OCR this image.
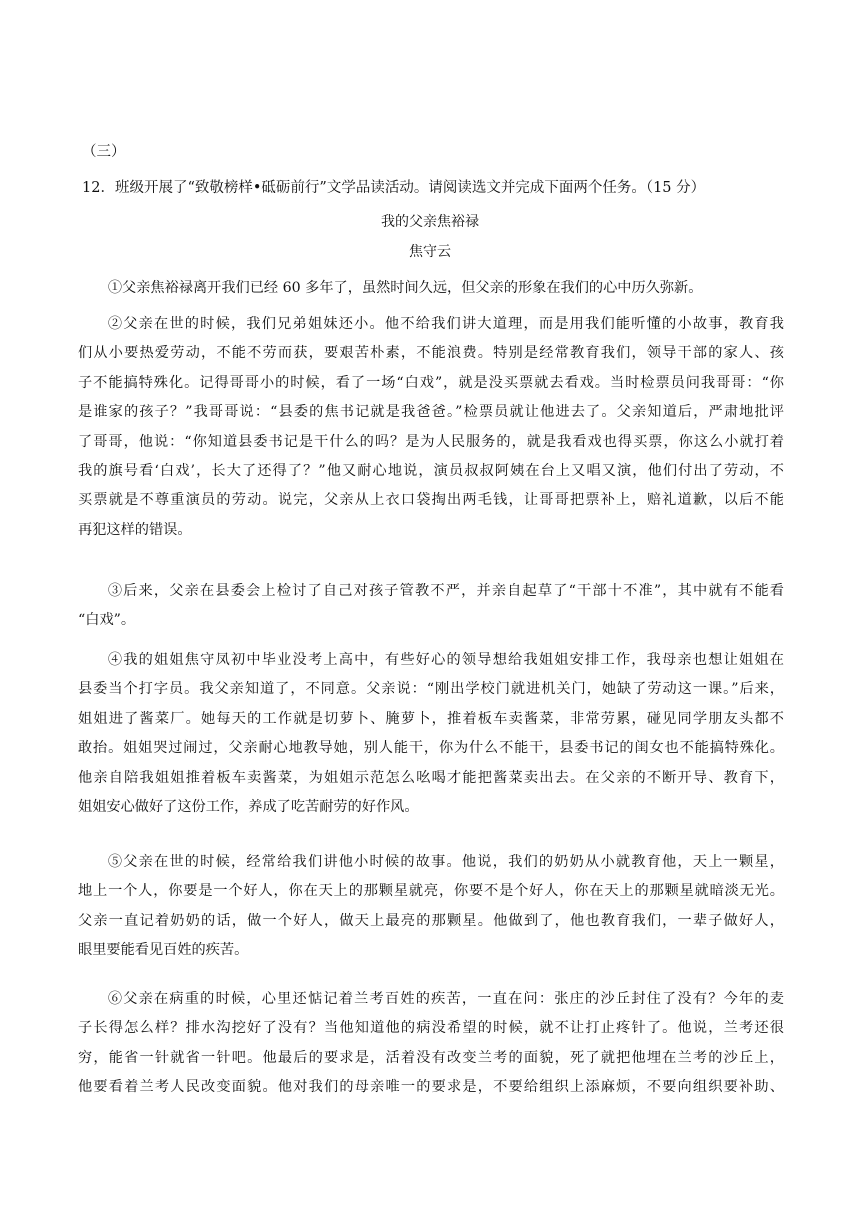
（三）
12．班级开展了“致敬榜样•砥砺前行”文学品读活动。请阅读选文并完成下面两个任务。（15 分）
我的父亲焦裕禄
焦守云
①父亲焦裕禄离开我们已经 60 多年了，虽然时间久远，但父亲的形象在我们的心中历久弥新。
②父亲在世的时候，我们兄弟姐妹还小。他不给我们讲大道理，而是用我们能听懂的小故事，教育我
们从小要热爱劳动，不能不劳而获，要艰苦朴素，不能浪费。特别是经常教育我们，领导干部的家人、孩
子不能搞特殊化。记得哥哥小的时候，看了一场“白戏”，就是没买票就去看戏。当时检票员问我哥哥：“你
是谁家的孩子？”我哥哥说：“县委的焦书记就是我爸爸。”检票员就让他进去了。父亲知道后，严肃地批评
了哥哥，他说：“你知道县委书记是干什么的吗？是为人民服务的，就是我看戏也得买票，你这么小就打着
我的旗号看‘白戏’，长大了还得了？”他又耐心地说，演员叔叔阿姨在台上又唱又演，他们付出了劳动，不
买票就是不尊重演员的劳动。说完，父亲从上衣口袋掏出两毛钱，让哥哥把票补上，赔礼道歉，以后不能
再犯这样的错误。
③后来，父亲在县委会上检讨了自己对孩子管教不严，并亲自起草了“干部十不准”，其中就有不能看
“白戏”。
④我的姐姐焦守凤初中毕业没考上高中，有些好心的领导想给我姐姐安排工作，我母亲也想让姐姐在
县委当个打字员。我父亲知道了，不同意。父亲说：“刚出学校门就进机关门，她缺了劳动这一课。”后来，
姐姐进了酱菜厂。她每天的工作就是切萝卜、腌萝卜，推着板车卖酱菜，非常劳累，碰见同学朋友头都不
敢抬。姐姐哭过闹过，父亲耐心地教导她，别人能干，你为什么不能干，县委书记的闺女也不能搞特殊化。
他亲自陪我姐姐推着板车卖酱菜，为姐姐示范怎么吆喝才能把酱菜卖出去。在父亲的不断开导、教育下，
姐姐安心做好了这份工作，养成了吃苦耐劳的好作风。
⑤父亲在世的时候，经常给我们讲他小时候的故事。他说，我们的奶奶从小就教育他，天上一颗星，
地上一个人，你要是一个好人，你在天上的那颗星就亮，你要不是个好人，你在天上的那颗星就暗淡无光。
父亲一直记着奶奶的话，做一个好人，做天上最亮的那颗星。他做到了，他也教育我们，一辈子做好人，
眼里要能看见百姓的疾苦。
⑥父亲在病重的时候，心里还惦记着兰考百姓的疾苦，一直在问：张庄的沙丘封住了没有？今年的麦
子长得怎么样？排水沟挖好了没有？当他知道他的病没希望的时候，就不让打止疼针了。他说，兰考还很
穷，能省一针就省一针吧。他最后的要求是，活着没有改变兰考的面貌，死了就把他埋在兰考的沙丘上，
他要看着兰考人民改变面貌。他对我们的母亲唯一的要求是，不要给组织上添麻烦，不要向组织要补助、
